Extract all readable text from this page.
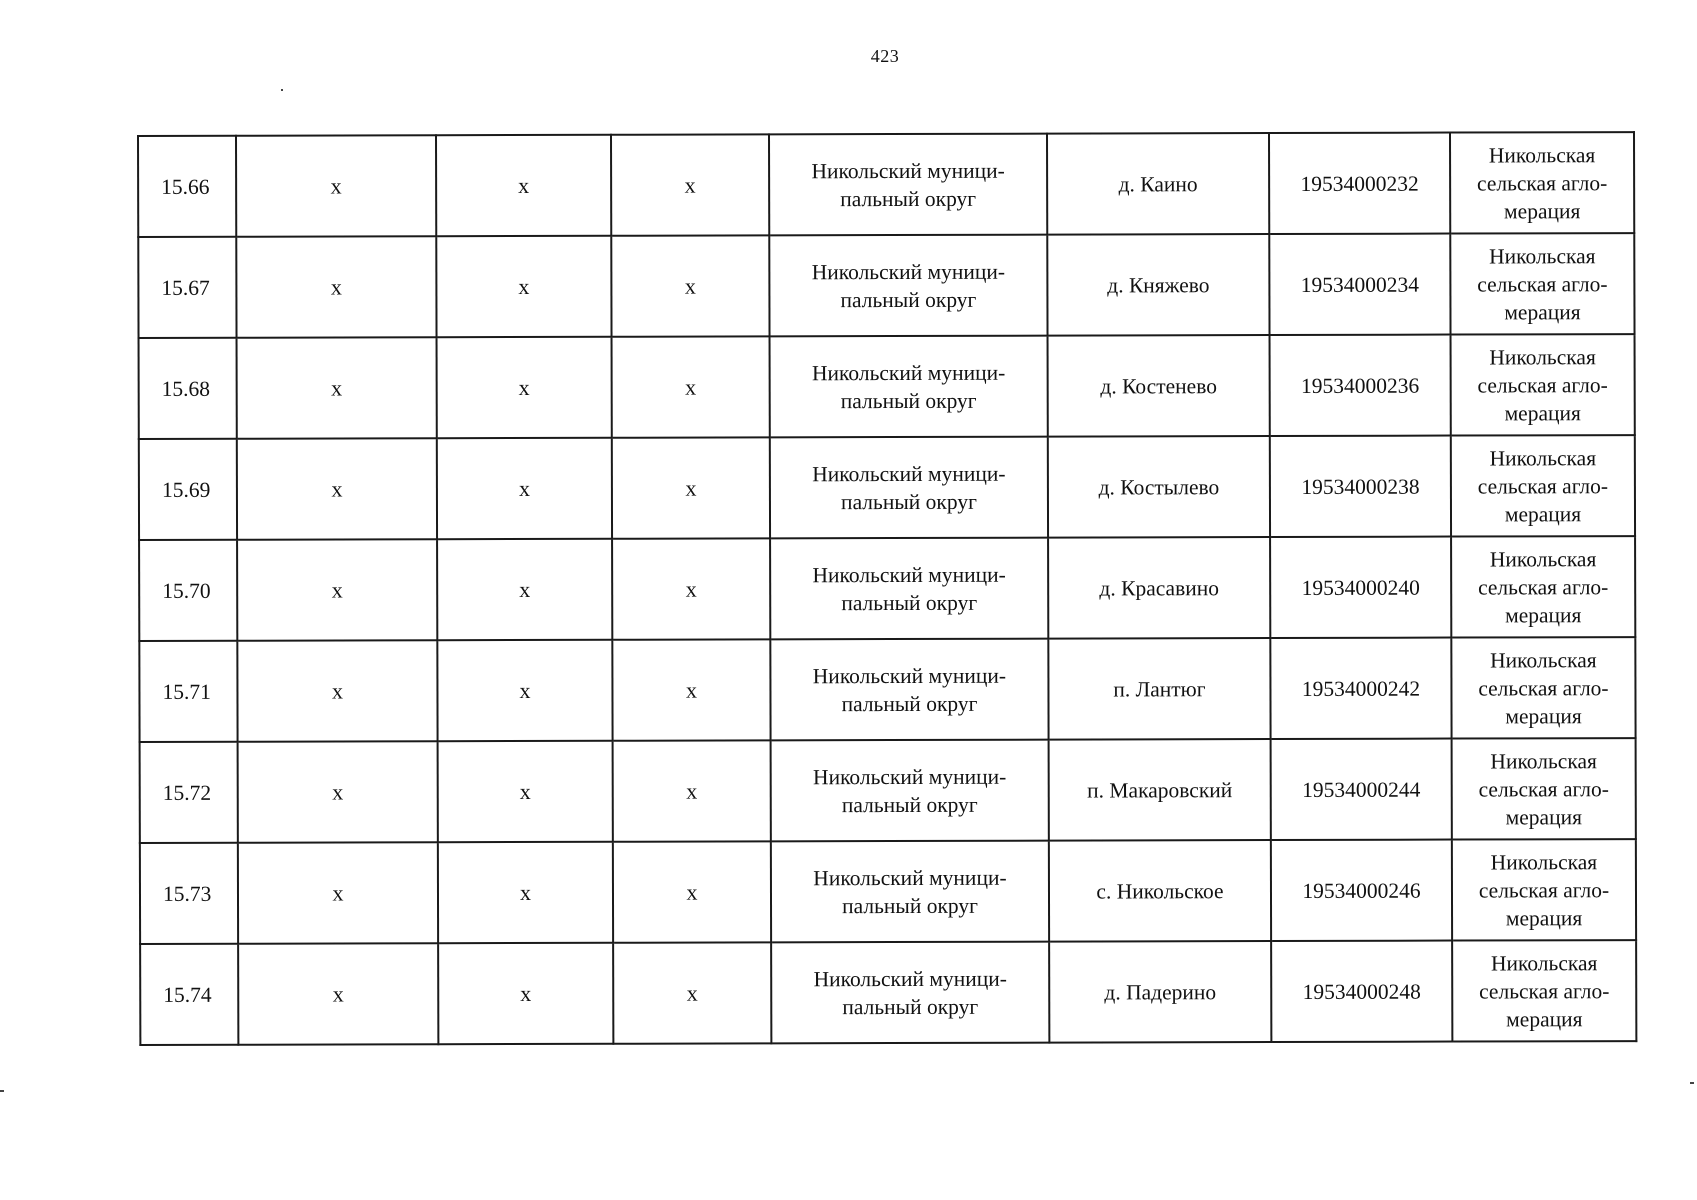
423
15.66	x	x	x	Никольский муници-
пальный округ	д. Каино	19534000232	Никольская
сельская агло-
мерация

15.67	x	x	x	Никольский муници-
пальный округ	д. Княжево	19534000234	Никольская
сельская агло-
мерация

15.68	x	x	x	Никольский муници-
пальный округ	д. Костенево	19534000236	Никольская
сельская агло-
мерация

15.69	x	x	x	Никольский муници-
пальный округ	д. Костылево	19534000238	Никольская
сельская агло-
мерация

15.70	x	x	x	Никольский муници-
пальный округ	д. Красавино	19534000240	Никольская
сельская агло-
мерация

15.71	x	x	x	Никольский муници-
пальный округ	п. Лантюг	19534000242	Никольская
сельская агло-
мерация

15.72	x	x	x	Никольский муници-
пальный округ	п. Макаровский	19534000244	Никольская
сельская агло-
мерация

15.73	x	x	x	Никольский муници-
пальный округ	с. Никольское	19534000246	Никольская
сельская агло-
мерация

15.74	x	x	x	Никольский муници-
пальный округ	д. Падерино	19534000248	Никольская
сельская агло-
мерация
